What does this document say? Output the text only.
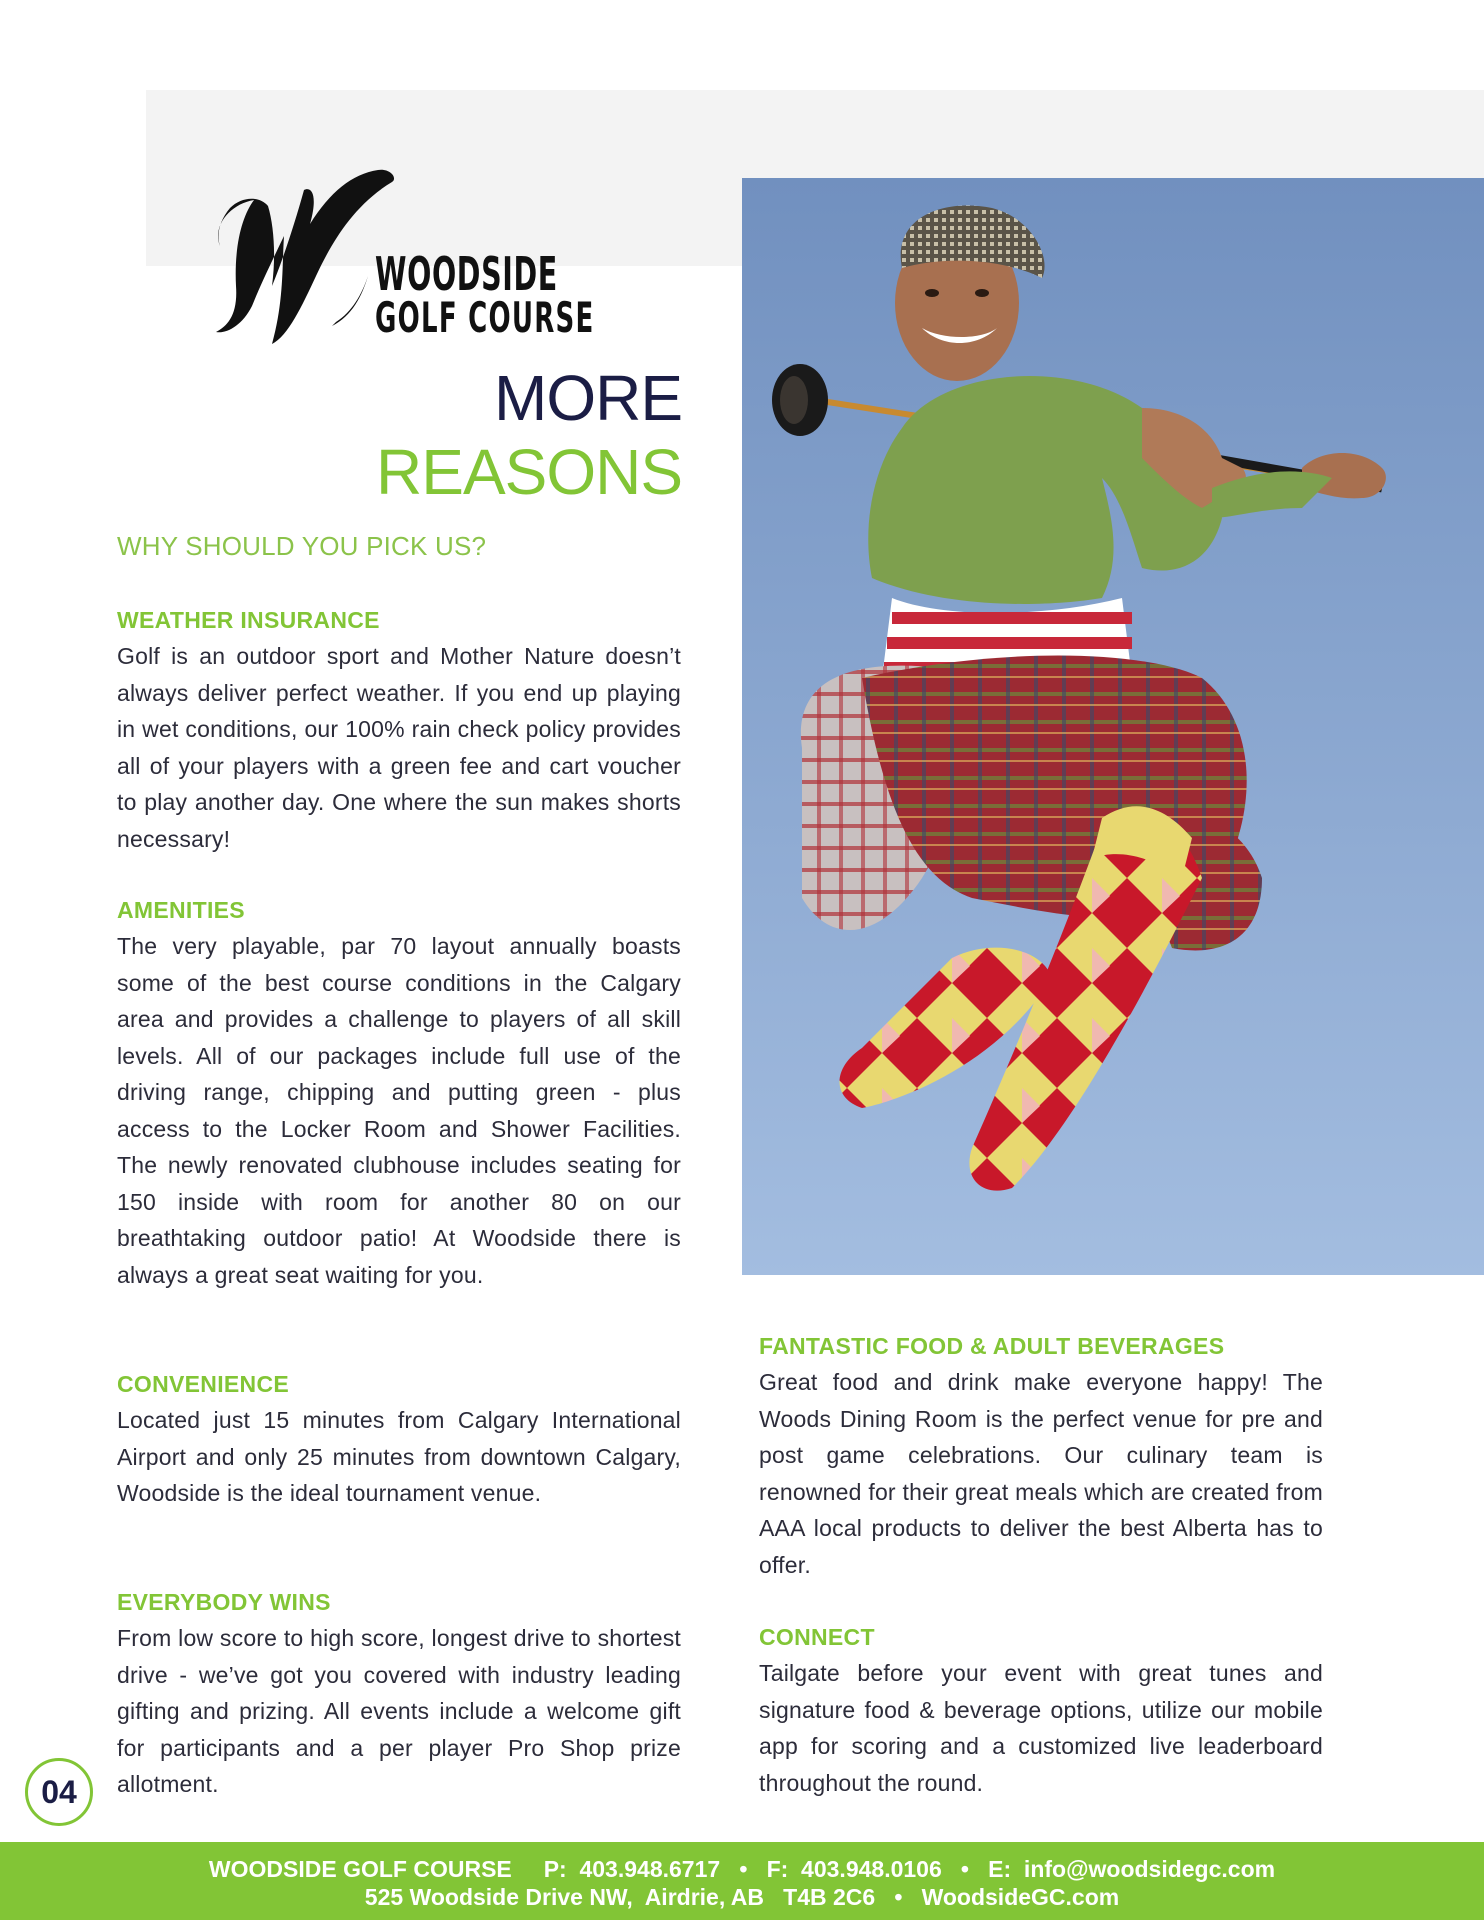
WOODSIDE
GOLF COURSE
MORE
REASONS
WHY SHOULD YOU PICK US?
WEATHER INSURANCE
Golf is an outdoor sport and Mother Nature doesn’t always deliver perfect weather. If you end up playing in wet conditions, our 100% rain check policy provides all of your players with a green fee and cart voucher to play another day. One where the sun makes shorts necessary!
AMENITIES
The very playable, par 70 layout annually boasts some of the best course conditions in the Calgary area and provides a challenge to players of all skill levels. All of our packages include full use of the driving range, chipping and putting green - plus access to the Locker Room and Shower Facilities. The newly renovated clubhouse includes seating for 150 inside with room for another 80 on our breathtaking outdoor patio! At Woodside there is always a great seat waiting for you.
CONVENIENCE
Located just 15 minutes from Calgary International Airport and only 25 minutes from downtown Calgary, Woodside is the ideal tournament venue.
EVERYBODY WINS
From low score to high score, longest drive to shortest drive - we’ve got you covered with industry leading gifting and prizing. All events include a welcome gift for participants and a per player Pro Shop prize allotment.
FANTASTIC FOOD & ADULT BEVERAGES
Great food and drink make everyone happy! The Woods Dining Room is the perfect venue for pre and post game celebrations. Our culinary team is renowned for their great meals which are created from AAA local products to deliver the best Alberta has to offer.
CONNECT
Tailgate before your event with great tunes and signature food & beverage options, utilize our mobile app for scoring and a customized live leaderboard throughout the round.
04
WOODSIDE GOLF COURSE     P:  403.948.6717   •   F:  403.948.0106   •   E:  info@woodsidegc.com
525 Woodside Drive NW,  Airdrie, AB   T4B 2C6   •   WoodsideGC.com
